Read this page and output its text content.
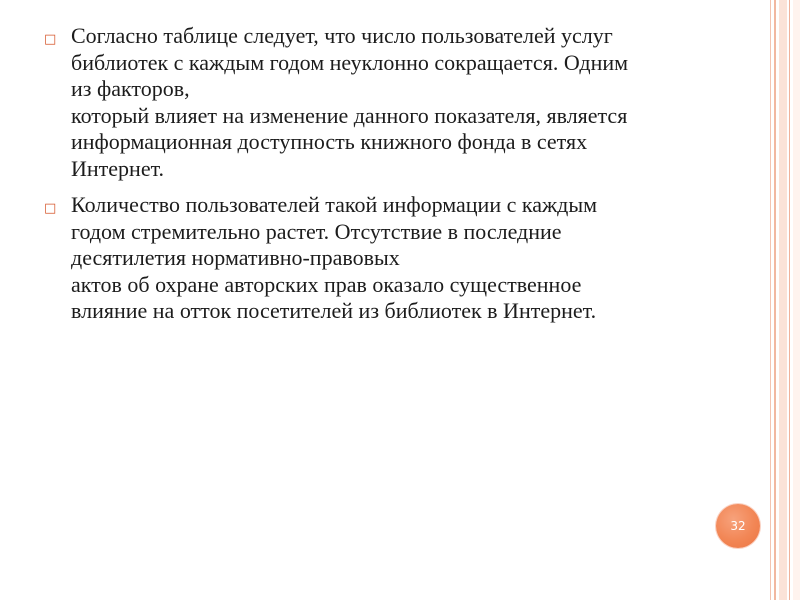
□ Согласно таблице следует, что число пользователей услуг
библиотек с каждым годом неуклонно сокращается. Одним
из факторов,
который влияет на изменение данного показателя, является
информационная доступность книжного фонда в сетях
Интернет.
□ Количество пользователей такой информации с каждым
годом стремительно растет. Отсутствие в последние
десятилетия нормативно-правовых
актов об охране авторских прав оказало существенное
влияние на отток посетителей из библиотек в Интернет.
32
